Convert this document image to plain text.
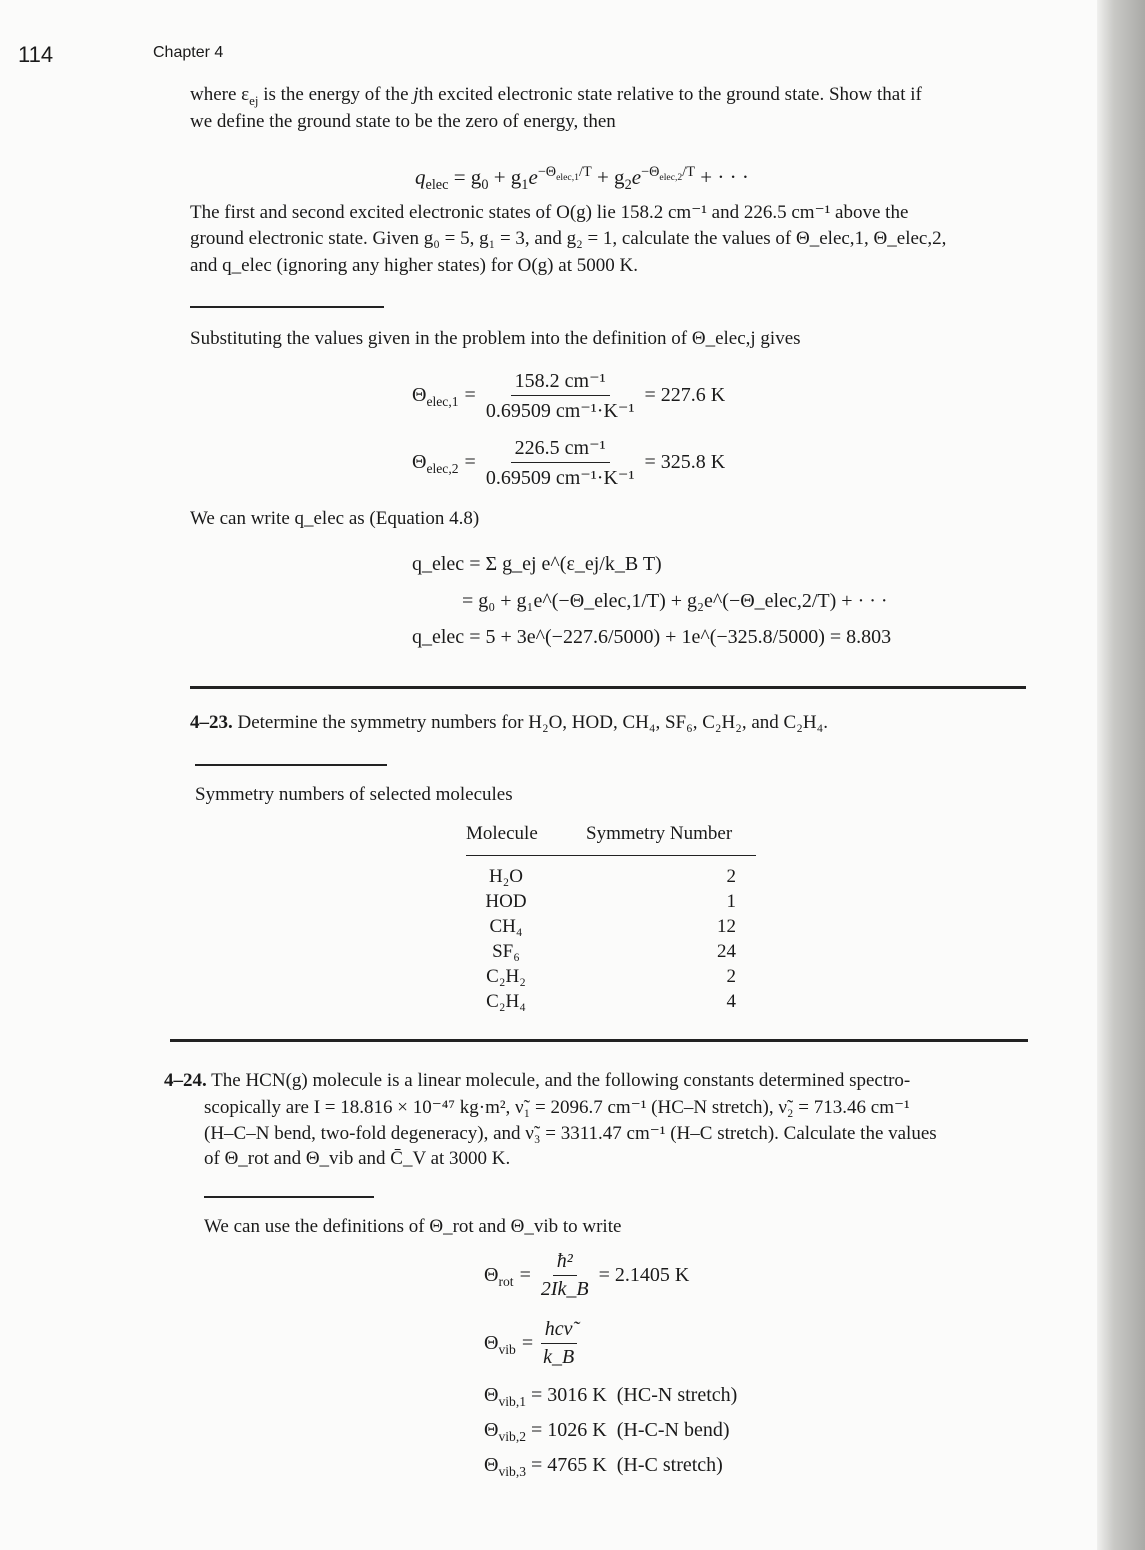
114	Chapter 4
where $\varepsilon_{ej}$ is the energy of the jth excited electronic state relative to the ground state. Show that if
we define the ground state to be the zero of energy, then
$q_{elec} = g_0 + g_1e^{-\Theta_{elec,1}/T} + g_2e^{-\Theta_{elec,2}/T}$ + · · ·
The first and second excited electronic states of O(g) lie 158.2 cm⁻¹ and 226.5 cm⁻¹ above the
ground electronic state. Given g₀ = 5, g₁ = 3, and g₂ = 1, calculate the values of Θ_elec,1, Θ_elec,2,
and q_elec (ignoring any higher states) for O(g) at 5000 K.
Substituting the values given in the problem into the definition of Θ_elec,j gives
$\Theta_{elec,1} = \frac{\text{158.2 cm⁻¹}}{\text{0.69509 cm⁻¹·K⁻¹}} = 227.6$ K
$\Theta_{elec,2} = \frac{\text{226.5 cm⁻¹}}{\text{0.69509 cm⁻¹·K⁻¹}} = 325.8$ K
We can write q_elec as (Equation 4.8)
q_elec = Σ g_ej e^(ε_ej/k_B T)
= g₀ + g₁e^(−Θ_elec,1/T) + g₂e^(−Θ_elec,2/T) + · · ·
q_elec = 5 + 3e^(−227.6/5000) + 1e^(−325.8/5000) = 8.803
4–23. Determine the symmetry numbers for H₂O, HOD, CH₄, SF₆, C₂H₂, and C₂H₄.
Symmetry numbers of selected molecules
Molecule	Symmetry Number
H₂O	2
HOD	1
CH₄	12
SF₆	24
C₂H₂	2
C₂H₄	4
4–24. The HCN(g) molecule is a linear molecule, and the following constants determined spectro-
scopically are I = 18.816 × 10⁻⁴⁷ kg·m², ν̃₁ = 2096.7 cm⁻¹ (HC–N stretch), ν̃₂ = 713.46 cm⁻¹
(H–C–N bend, two-fold degeneracy), and ν̃₃ = 3311.47 cm⁻¹ (H–C stretch). Calculate the values
of Θ_rot and Θ_vib and C̄_V at 3000 K.
We can use the definitions of Θ_rot and Θ_vib to write
$\Theta_{rot} = \frac{\text{ħ²}}{2Ik\_B} = 2.1405$ K
$\Theta_{vib} = \frac{\text{hcν̃}}{k\_B}$
$\Theta_{vib,1} = 3016$ K (HC-N stretch)
$\Theta_{vib,2} = 1026$ K (H-C-N bend)
$\Theta_{vib,3} = 4765$ K (H-C stretch)
